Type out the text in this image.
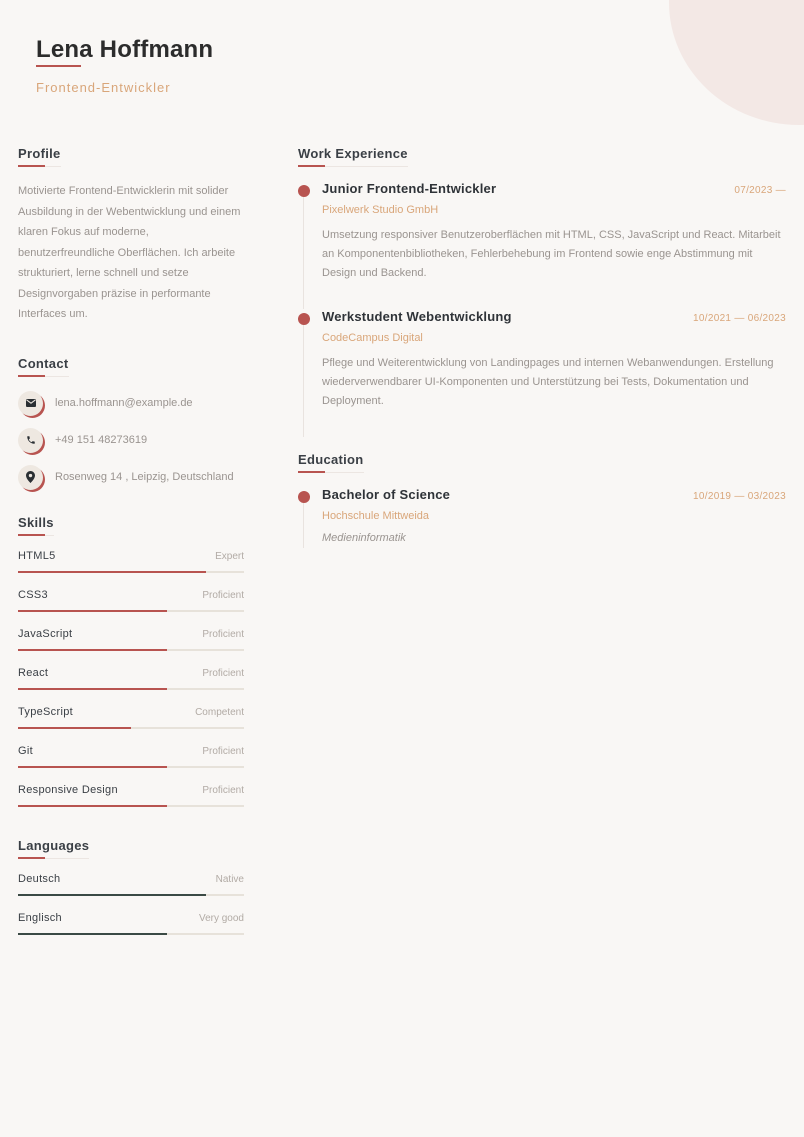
Lena Hoffmann
Frontend-Entwickler
Profile

Motivierte Frontend-Entwicklerin mit solider Ausbildung in der Webentwicklung und einem klaren Fokus auf moderne, benutzerfreundliche Oberflächen. Ich arbeite strukturiert, lerne schnell und setze Designvorgaben präzise in performante Interfaces um.

Contact
lena.hoffmann@example.de
+49 151 48273619
Rosenweg 14 , Leipzig, Deutschland
Skills
HTML5	Expert
CSS3	Proficient
JavaScript	Proficient
React	Proficient
TypeScript	Competent
Git	Proficient
Responsive Design	Proficient
Languages
Deutsch	Native
Englisch	Very good
Work Experience
Junior Frontend-Entwickler	07/2023 —
Pixelwerk Studio GmbH

Umsetzung responsiver Benutzeroberflächen mit HTML, CSS, JavaScript und React. Mitarbeit an Komponentenbibliotheken, Fehlerbehebung im Frontend sowie enge Abstimmung mit Design und Backend.

Werkstudent Webentwicklung	10/2021 — 06/2023
CodeCampus Digital

Pflege und Weiterentwicklung von Landingpages und internen Webanwendungen. Erstellung wiederverwendbarer UI-Komponenten und Unterstützung bei Tests, Dokumentation und Deployment.

Education
Bachelor of Science	10/2019 — 03/2023
Hochschule Mittweida
Medieninformatik
